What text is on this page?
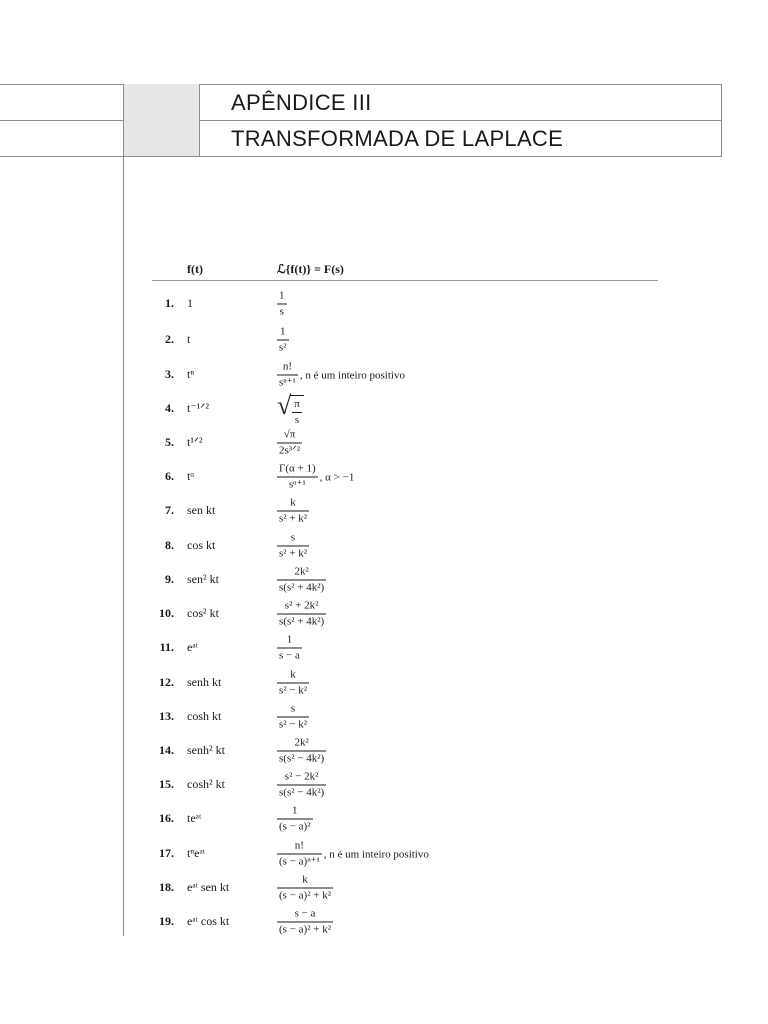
APÊNDICE III
TRANSFORMADA DE LAPLACE
f(t)	ℒ{f(t)} = F(s)
1. 1	$\frac{1}{s}$
2. t	$\frac{1}{\text{s²}}$
3. tⁿ	$\frac{n!}{\text{sⁿ⁺¹}}$ , n é um inteiro positivo
4. t⁻¹ᐟ²	√ $\frac{\pi}{s}$
5. t¹ᐟ²	$\frac{√\pi}{\text{2s³ᐟ²}}$
6. tᵅ	$\frac{\Gamma(\alpha + 1)}{\text{sᵅ⁺¹}}$ , α > −1
7. sen kt	$\frac{k}{\text{s² + k²}}$
8. cos kt	$\frac{s}{\text{s² + k²}}$
9. sen² kt	$\frac{\text{2k²}}{\text{s(s² + 4k²)}}$
10. cos² kt	$\frac{\text{s² + 2k²}}{\text{s(s² + 4k²)}}$
11. eᵃᵗ	$\frac{1}{s - a}$
12. senh kt	$\frac{k}{\text{s² − k²}}$
13. cosh kt	$\frac{s}{\text{s² − k²}}$
14. senh² kt	$\frac{\text{2k²}}{\text{s(s² − 4k²)}}$
15. cosh² kt	$\frac{\text{s² − 2k²}}{\text{s(s² − 4k²)}}$
16. teᵃᵗ	$\frac{1}{\text{(s − a)²}}$
17. tⁿeᵃᵗ	$\frac{n!}{\text{(s − a)ⁿ⁺¹}}$ , n é um inteiro positivo
18. eᵃᵗ sen kt	$\frac{k}{\text{(s − a)² + k²}}$
19. eᵃᵗ cos kt	$\frac{s - a}{\text{(s − a)² + k²}}$
